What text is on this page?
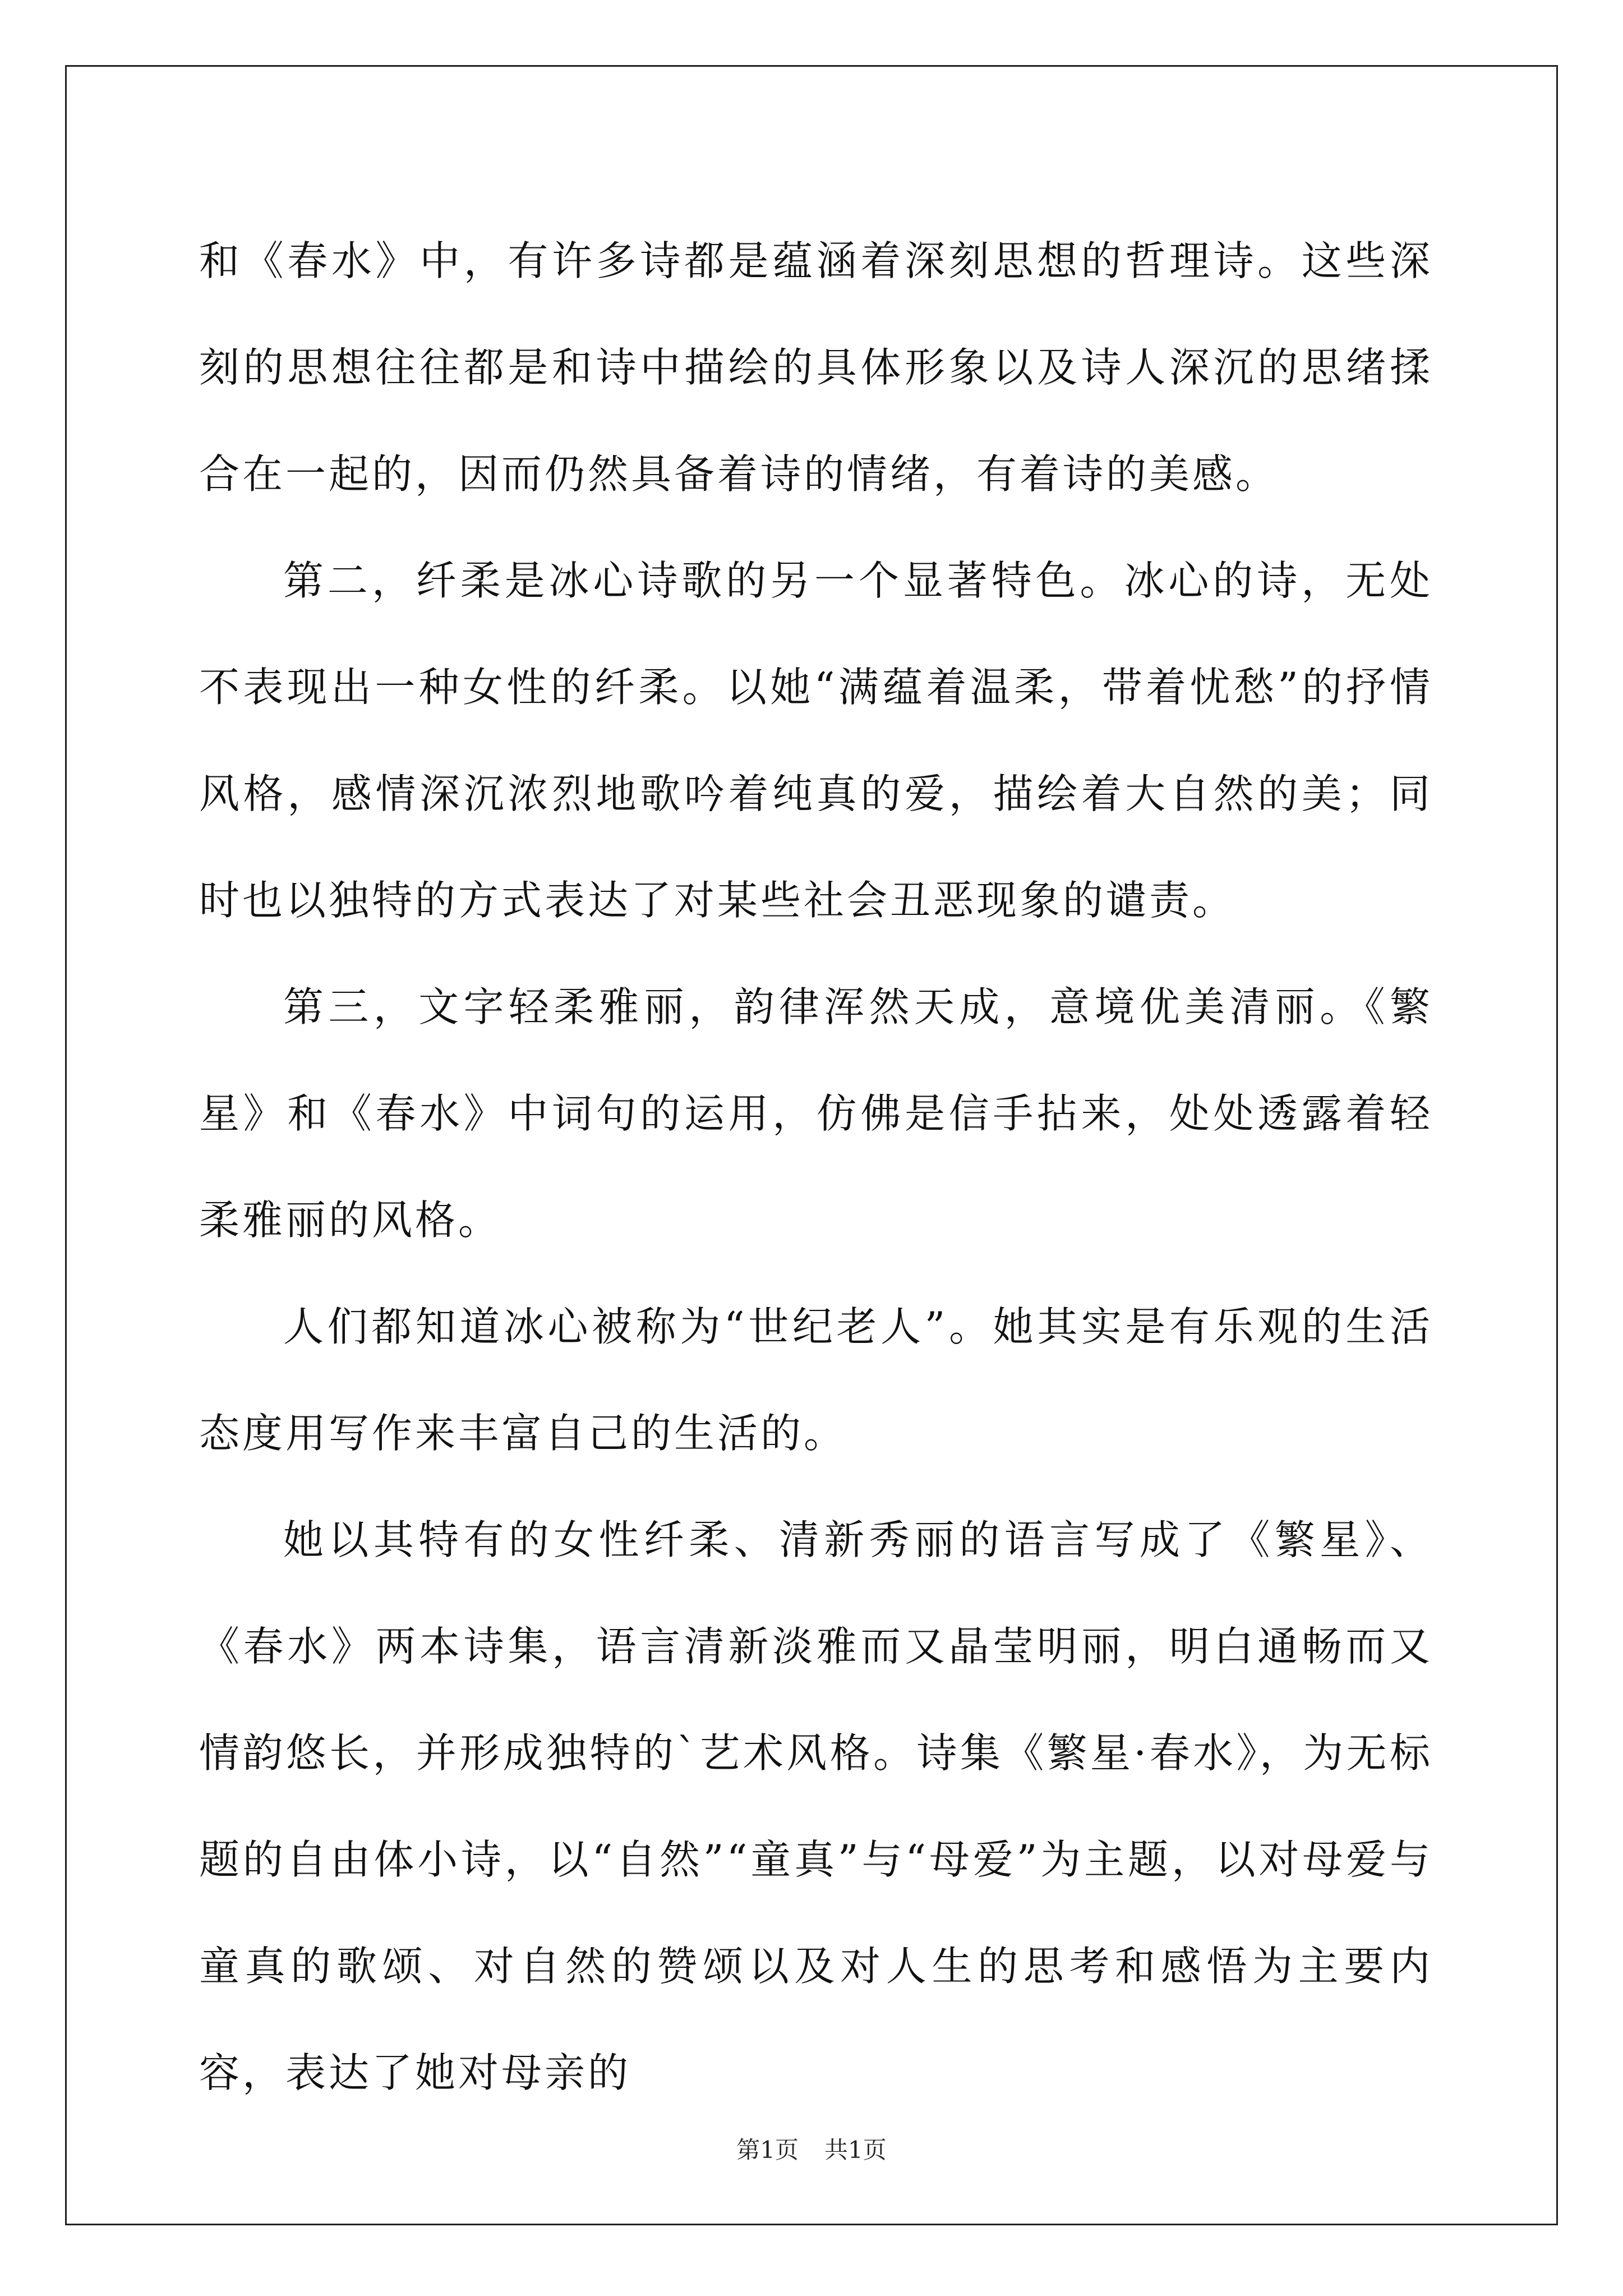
和《春水》中，有许多诗都是蕴涵着深刻思想的哲理诗。这些深刻的思想往往都是和诗中描绘的具体形象以及诗人深沉的思绪揉合在一起的，因而仍然具备着诗的情绪，有着诗的美感。

第二，纤柔是冰心诗歌的另一个显著特色。冰心的诗，无处不表现出一种女性的纤柔。以她“满蕴着温柔，带着忧愁”的抒情风格，感情深沉浓烈地歌吟着纯真的爱，描绘着大自然的美；同时也以独特的方式表达了对某些社会丑恶现象的谴责。

第三，文字轻柔雅丽，韵律浑然天成，意境优美清丽。《繁星》和《春水》中词句的运用，仿佛是信手拈来，处处透露着轻柔雅丽的风格。

人们都知道冰心被称为“世纪老人”。她其实是有乐观的生活态度用写作来丰富自己的生活的。

她以其特有的女性纤柔、清新秀丽的语言写成了《繁星》、《春水》两本诗集，语言清新淡雅而又晶莹明丽，明白通畅而又情韵悠长，并形成独特的`艺术风格。诗集《繁星·春水》，为无标题的自由体小诗，以“自然”“童真”与“母爱”为主题，以对母爱与童真的歌颂、对自然的赞颂以及对人生的思考和感悟为主要内容，表达了她对母亲的

第1页 共1页
